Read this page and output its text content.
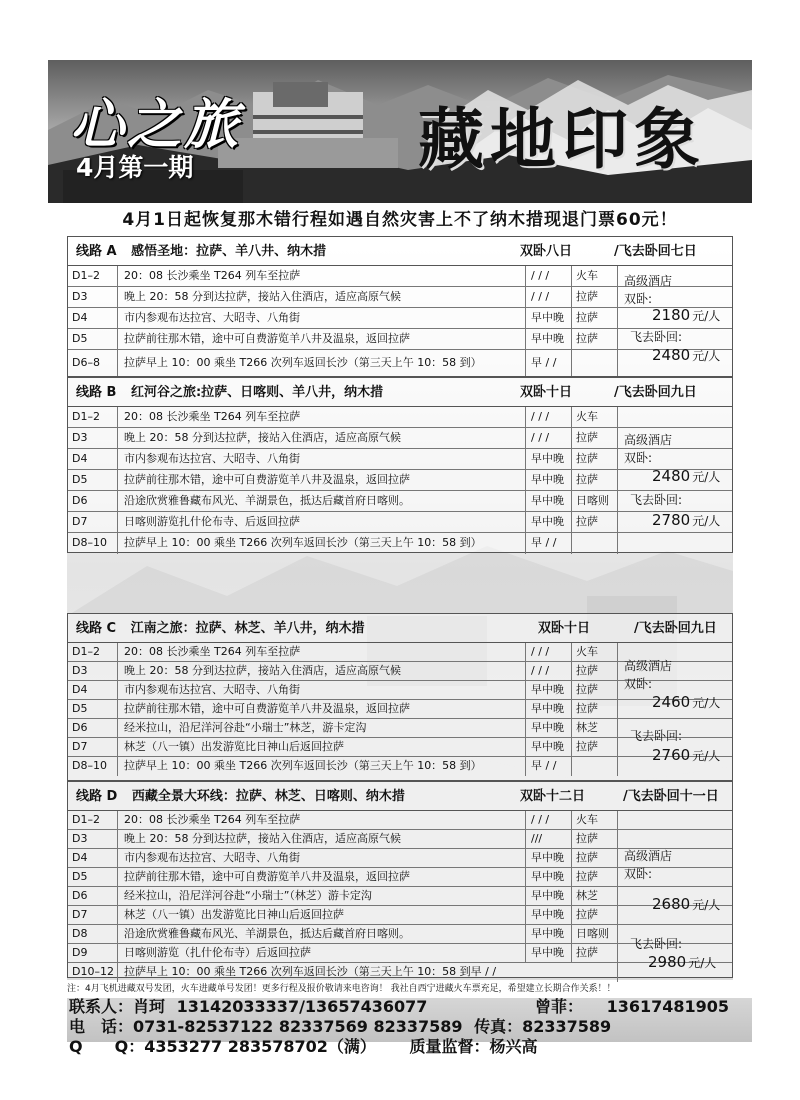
心之旅
4月第一期	藏地印象
4月1日起恢复那木错行程如遇自然灾害上不了纳木措现退门票60元！
线路 A 感悟圣地：拉萨、羊八井、纳木措	双卧八日	/飞去卧回七日
D1–2	20：08 长沙乘坐 T264 列车至拉萨	/ / /	火车
D3	晚上 20：58 分到达拉萨，接站入住酒店，适应高原气候	/ / /	拉萨
D4	市内参观布达拉宫、大昭寺、八角街	早中晚	拉萨
D5	拉萨前往那木错，途中可自费游览羊八井及温泉，返回拉萨	早中晚	拉萨
D6–8	拉萨早上 10：00 乘坐 T266 次列车返回长沙（第三天上午 10：58 到）	早 / /
高级酒店
双卧:
2180 元/人
飞去卧回:
2480 元/人
线路 B 红河谷之旅:拉萨、日喀则、羊八井，纳木措	双卧十日	/飞去卧回九日
D1–2	20：08 长沙乘坐 T264 列车至拉萨	/ / /	火车
D3	晚上 20：58 分到达拉萨，接站入住酒店，适应高原气候	/ / /	拉萨
D4	市内参观布达拉宫、大昭寺、八角街	早中晚	拉萨
D5	拉萨前往那木错，途中可自费游览羊八井及温泉，返回拉萨	早中晚	拉萨
D6	沿途欣赏雅鲁藏布风光、羊湖景色，抵达后藏首府日喀则。	早中晚	日喀则
D7	日喀则游览扎什伦布寺、后返回拉萨	早中晚	拉萨
D8–10	拉萨早上 10：00 乘坐 T266 次列车返回长沙（第三天上午 10：58 到）	早 / /
高级酒店
双卧:
2480 元/人
飞去卧回:
2780 元/人
线路 C 江南之旅：拉萨、林芝、羊八井，纳木措	双卧十日	/飞去卧回九日
D1–2	20：08 长沙乘坐 T264 列车至拉萨	/ / /	火车
D3	晚上 20：58 分到达拉萨，接站入住酒店，适应高原气候	/ / /	拉萨
D4	市内参观布达拉宫、大昭寺、八角街	早中晚	拉萨
D5	拉萨前往那木错，途中可自费游览羊八井及温泉，返回拉萨	早中晚	拉萨
D6	经米拉山，沿尼洋河谷赴“小瑞士”林芝，游卡定沟	早中晚	林芝
D7	林芝（八一镇）出发游览比日神山后返回拉萨	早中晚	拉萨
D8–10	拉萨早上 10：00 乘坐 T266 次列车返回长沙（第三天上午 10：58 到）	早 / /
高级酒店
双卧:
2460 元/人
飞去卧回:
2760 元/人
线路 D 西藏全景大环线：拉萨、林芝、日喀则、纳木措	双卧十二日	/飞去卧回十一日
D1–2	20：08 长沙乘坐 T264 列车至拉萨	/ / /	火车
D3	晚上 20：58 分到达拉萨，接站入住酒店，适应高原气候	///	拉萨
D4	市内参观布达拉宫、大昭寺、八角街	早中晚	拉萨
D5	拉萨前往那木错，途中可自费游览羊八井及温泉，返回拉萨	早中晚	拉萨
D6	经米拉山，沿尼洋河谷赴“小瑞士”（林芝）游卡定沟	早中晚	林芝
D7	林芝（八一镇）出发游览比日神山后返回拉萨	早中晚	拉萨
D8	沿途欣赏雅鲁藏布风光、羊湖景色，抵达后藏首府日喀则。	早中晚	日喀则
D9	日喀则游览（扎什伦布寺）后返回拉萨	早中晚	拉萨
D10–12 拉萨早上 10：00 乘坐 T266 次列车返回长沙（第三天上午 10：58 到早 / /
高级酒店
双卧:
2680 元/人
飞去卧回:
2980 元/人
注：4月飞机进藏双号发团，火车进藏单号发团！更多行程及报价敬请来电咨询！ 我社自西宁进藏火车票充足，希望建立长期合作关系！！
联系人：肖珂 13142033337/13657436077	曾菲： 13617481905
电　话：0731-82537122 82337569 82337589 传真：82337589
Q　　Q：4353277 283578702（满） 质量监督：杨兴高
